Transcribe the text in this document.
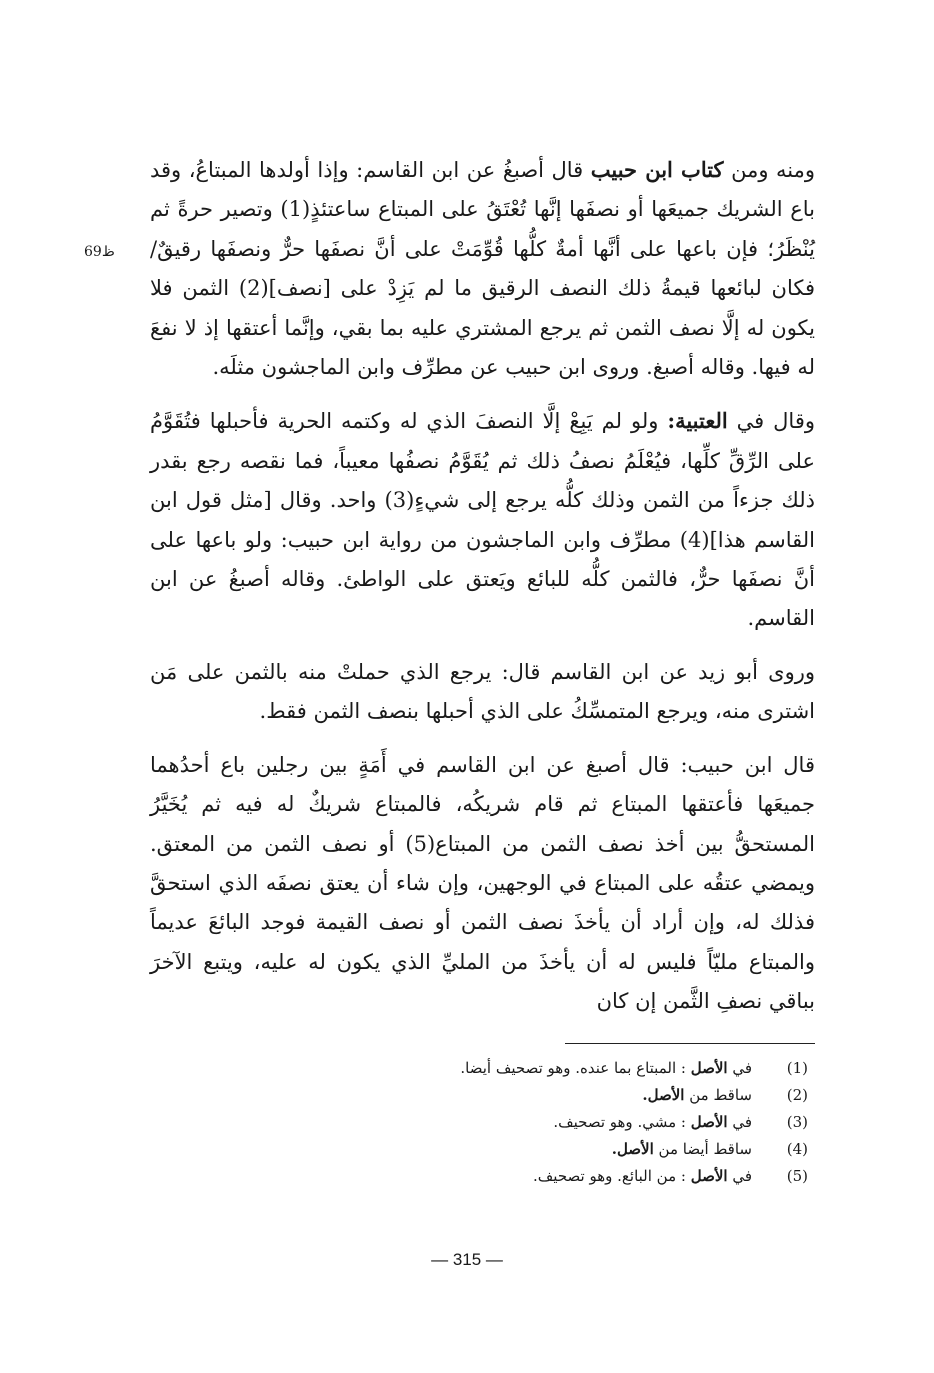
ظ69

ومنه ومن كتاب ابن حبيب قال أصبغُ عن ابن القاسم: وإذا أولدها المبتاعُ، وقد باع الشريك جميعَها أو نصفَها إنَّها تُعْتَقُ على المبتاع ساعتئذٍ(1) وتصير حرةً ثم يُنْظَرُ؛ فإن باعها على أنَّها أمةٌ كلُّها قُوِّمَتْ على أنَّ نصفَها حرٌّ ونصفَها رقيقٌ/ فكان لبائعها قيمةُ ذلك النصف الرقيق ما لم يَزِدْ على [نصف](2) الثمن فلا يكون له إلَّا نصف الثمن ثم يرجع المشتري عليه بما بقي، وإنَّما أعتقها إذ لا نفعَ له فيها. وقاله أصبغ. وروى ابن حبيب عن مطرِّف وابن الماجشون مثلَه.

وقال في العتبية: ولو لم يَبِعْ إلَّا النصفَ الذي له وكتمه الحرية فأحبلها فتُقَوَّمُ على الرِّقِّ كلِّها، فيُعْلَمُ نصفُ ذلك ثم يُقَوَّمُ نصفُها معيباً، فما نقصه رجع بقدر ذلك جزءاً من الثمن وذلك كلُّه يرجع إلى شيءٍ(3) واحد. وقال [مثل قول ابن القاسم هذا](4) مطرِّف وابن الماجشون من رواية ابن حبيب: ولو باعها على أنَّ نصفَها حرٌّ، فالثمن كلُّه للبائع ويَعتق على الواطئ. وقاله أصبغُ عن ابن القاسم.

وروى أبو زيد عن ابن القاسم قال: يرجع الذي حملتْ منه بالثمن على مَن اشترى منه، ويرجع المتمسِّكُ على الذي أحبلها بنصف الثمن فقط.

قال ابن حبيب: قال أصبغ عن ابن القاسم في أَمَةٍ بين رجلين باع أحدُهما جميعَها فأعتقها المبتاع ثم قام شريكُه، فالمبتاع شريكٌ له فيه ثم يُخَيَّرُ المستحقُّ بين أخذ نصف الثمن من المبتاع(5) أو نصف الثمن من المعتق. ويمضي عتقُه على المبتاع في الوجهين، وإن شاء أن يعتق نصفَه الذي استحقَّ فذلك له، وإن أراد أن يأخذَ نصف الثمن أو نصف القيمة فوجد البائعَ عديماً والمبتاع مليّاً فليس له أن يأخذَ من المليِّ الذي يكون له عليه، ويتبع الآخرَ بباقي نصفِ الثَّمن إن كان

(1)
في الأصل : المبتاع بما عنده. وهو تصحيف أيضا.
(2)
ساقط من الأصل.
(3)
في الأصل : مشي. وهو تصحيف.
(4)
ساقط أيضا من الأصل.
(5)
في الأصل : من البائع. وهو تصحيف.
— 315 —
